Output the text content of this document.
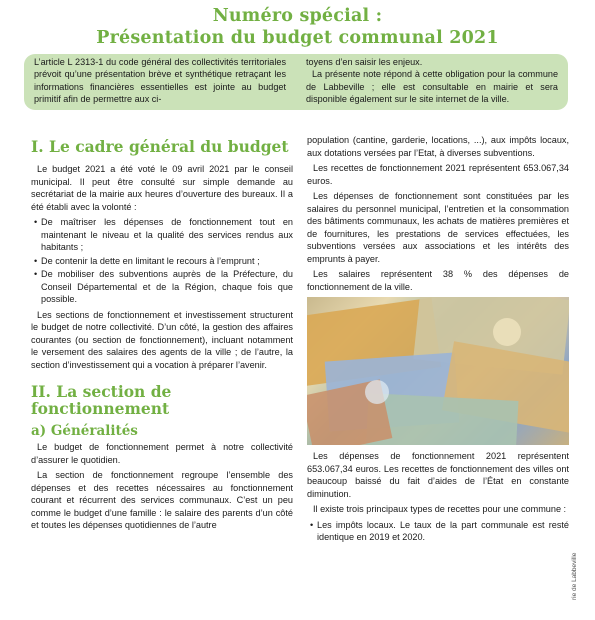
Numéro spécial :
Présentation du budget communal 2021

L’article L 2313-1 du code général des collectivités territoriales prévoit qu’une présentation brève et synthétique retraçant les informations financières essentielles est jointe au budget primitif afin de permettre aux ci-

toyens d’en saisir les enjeux.

La présente note répond à cette obligation pour la commune de Labbeville ; elle est consultable en mairie et sera disponible également sur le site internet de la ville.

I. Le cadre général du budget

Le budget 2021 a été voté le 09 avril 2021 par le conseil municipal. Il peut être consulté sur simple demande au secrétariat de la mairie aux heures d’ouverture des bureaux. Il a été établi avec la volonté :

• De maîtriser les dépenses de fonctionnement tout en maintenant le niveau et la qualité des services rendus aux habitants ;
• De contenir la dette en limitant le recours à l’emprunt ;
• De mobiliser des subventions auprès de la Préfecture, du Conseil Départemental et de la Région, chaque fois que possible.

Les sections de fonctionnement et investissement structurent le budget de notre collectivité. D’un côté, la gestion des affaires courantes (ou section de fonctionnement), incluant notamment le versement des salaires des agents de la ville ; de l’autre, la section d’investissement qui a vocation à préparer l’avenir.

II. La section de fonctionnement
a) Généralités

Le budget de fonctionnement permet à notre collectivité d’assurer le quotidien.

La section de fonctionnement regroupe l’ensemble des dépenses et des recettes nécessaires au fonctionnement courant et récurrent des services communaux. C’est un peu comme le budget d’une famille : le salaire des parents d’un côté et toutes les dépenses quotidiennes de l’autre

population (cantine, garderie, locations, ...), aux impôts locaux, aux dotations versées par l’Etat, à diverses subventions.

Les recettes de fonctionnement 2021 représentent 653.067,34 euros.

Les dépenses de fonctionnement sont constituées par les salaires du personnel municipal, l’entretien et la consommation des bâtiments communaux, les achats de matières premières et de fournitures, les prestations de services effectuées, les subventions versées aux associations et les intérêts des emprunts à payer.

Les salaires représentent 38 % des dépenses de fonctionnement de la ville.

Les dépenses de fonctionnement 2021 représentent 653.067,34 euros. Les recettes de fonctionnement des villes ont beaucoup baissé du fait d’aides de l’État en constante diminution.

Il existe trois principaux types de recettes pour une commune :

• Les impôts locaux. Le taux de la part communale est resté identique en 2019 et 2020.
rie de Labbeville
